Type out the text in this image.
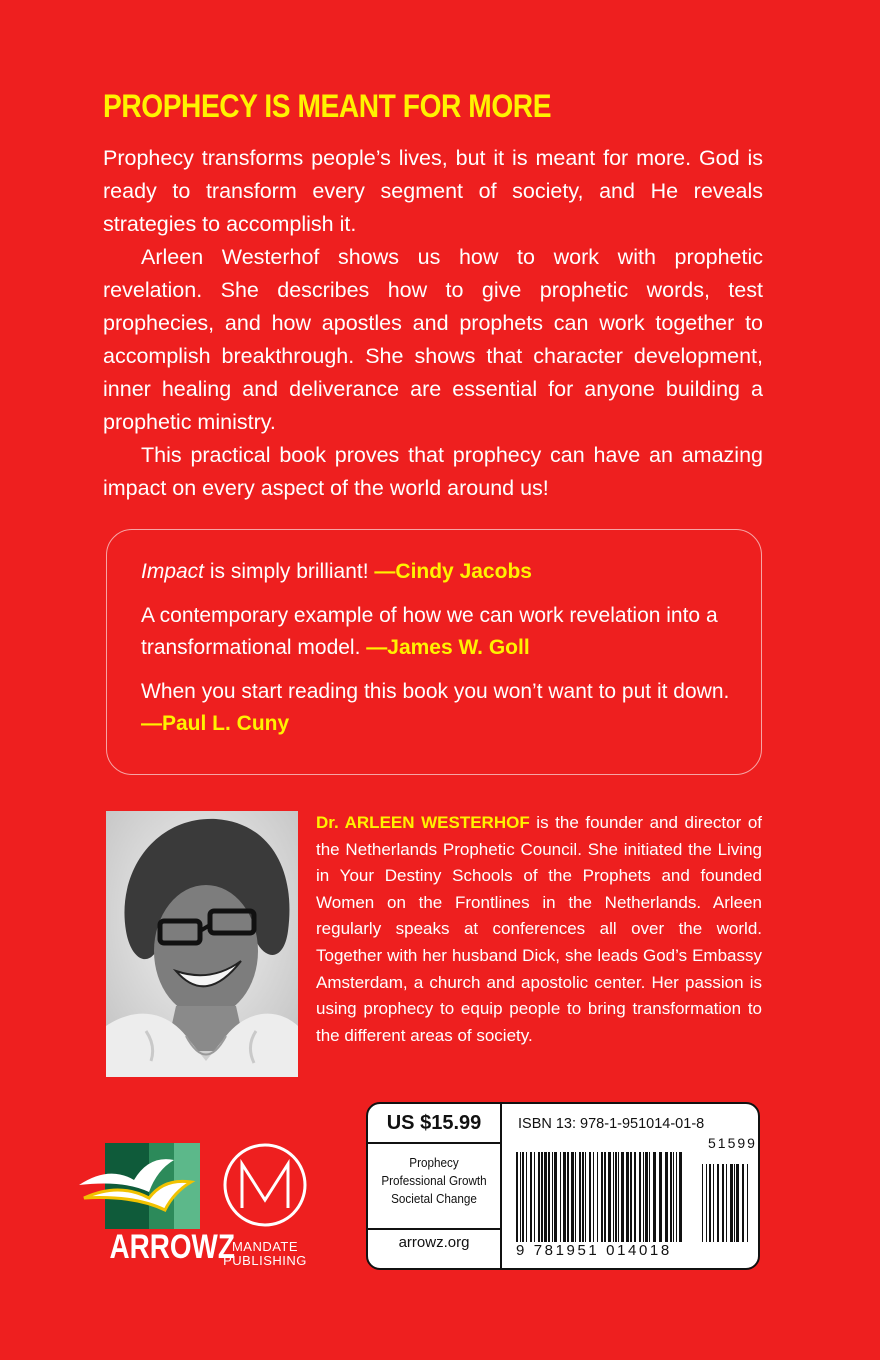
PROPHECY IS MEANT FOR MORE

Prophecy transforms people’s lives, but it is meant for more. God is ready to transform every segment of society, and He reveals strategies to accomplish it.

Arleen Westerhof shows us how to work with prophetic revelation. She describes how to give prophetic words, test prophecies, and how apostles and prophets can work together to accomplish breakthrough. She shows that character development, inner healing and deliverance are essential for anyone building a prophetic ministry.

This practical book proves that prophecy can have an amazing impact on every aspect of the world around us!

Impact is simply brilliant! —Cindy Jacobs

A contemporary example of how we can work revelation into a transformational model. —James W. Goll

When you start reading this book you won’t want to put it down. —Paul L. Cuny

Dr. ARLEEN WESTERHOF is the founder and director of the Netherlands Prophetic Council. She initiated the Living in Your Destiny Schools of the Prophets and founded Women on the Frontlines in the Netherlands. Arleen regularly speaks at conferences all over the world. Together with her husband Dick, she leads God’s Embassy Amsterdam, a church and apostolic center. Her passion is using prophecy to equip people to bring transformation to the different areas of society.
ARROWZ
M
MANDATE
PUBLISHING
US $15.99
Prophecy
Professional Growth
Societal Change
arrowz.org
ISBN 13: 978-1-951014-01-8
51599
9 781951 014018
